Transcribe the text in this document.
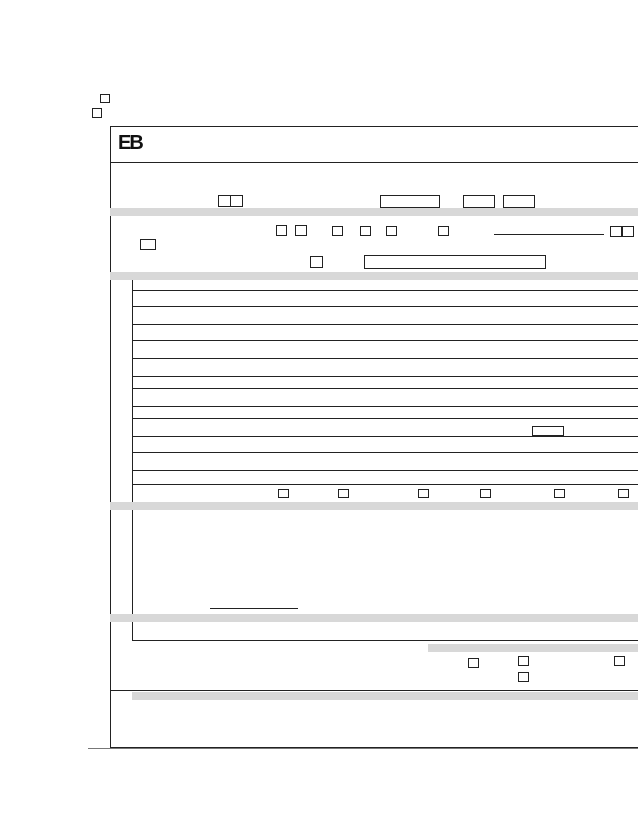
ЕВ
